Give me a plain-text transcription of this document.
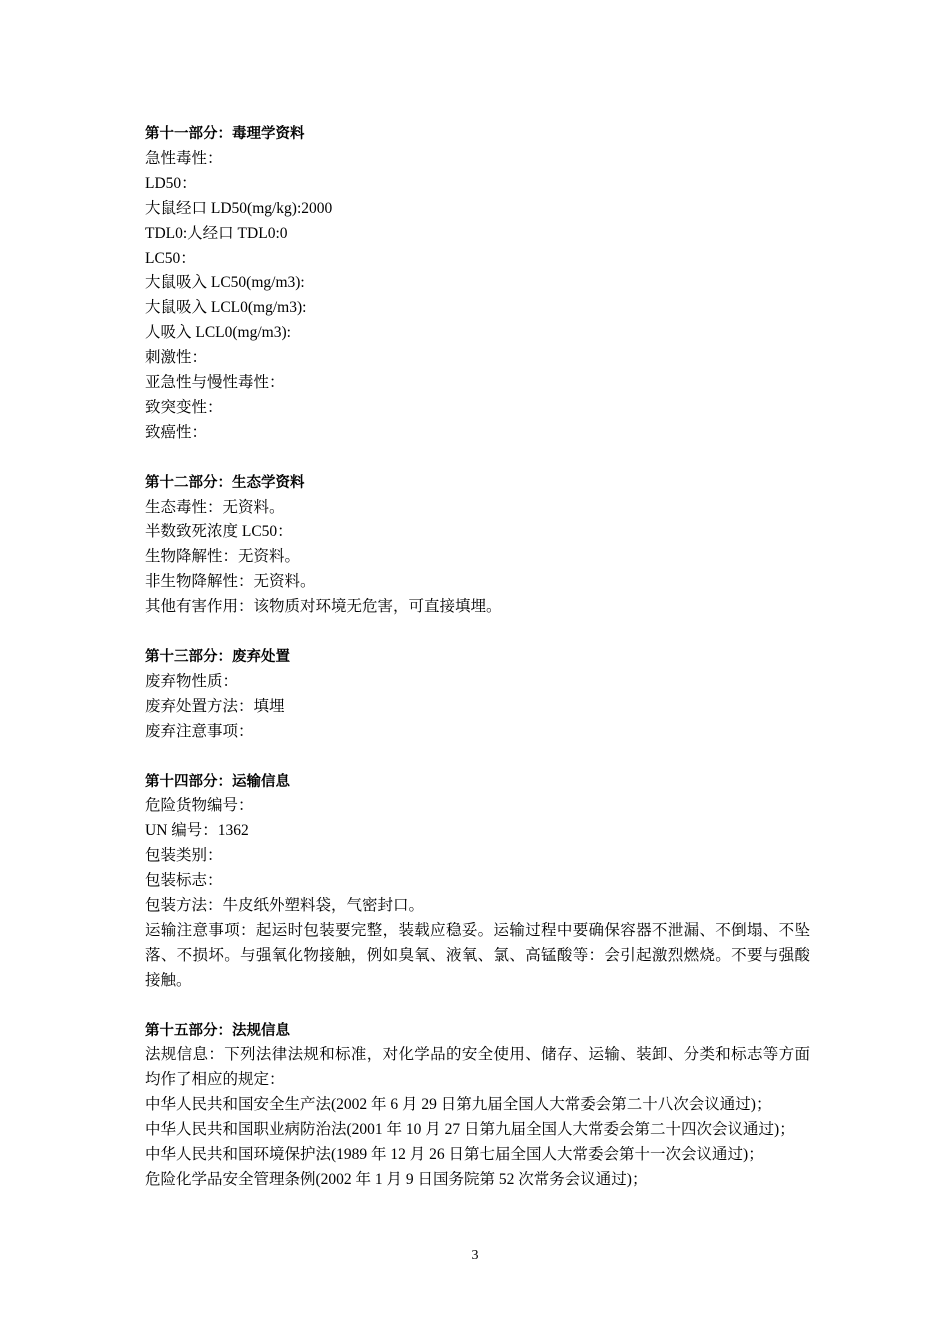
第十一部分：毒理学资料
急性毒性：
LD50：
大鼠经口 LD50(mg/kg):2000
TDL0:人经口 TDL0:0
LC50：
大鼠吸入 LC50(mg/m3):
大鼠吸入 LCL0(mg/m3):
人吸入 LCL0(mg/m3):
刺激性：
亚急性与慢性毒性：
致突变性：
致癌性：
第十二部分：生态学资料
生态毒性：无资料。
半数致死浓度 LC50：
生物降解性：无资料。
非生物降解性：无资料。
其他有害作用：该物质对环境无危害，可直接填埋。
第十三部分：废弃处置
废弃物性质：
废弃处置方法：填埋
废弃注意事项：
第十四部分：运输信息
危险货物编号：
UN 编号：1362
包装类别：
包装标志：
包装方法：牛皮纸外塑料袋，气密封口。
运输注意事项：起运时包装要完整，装载应稳妥。运输过程中要确保容器不泄漏、不倒塌、不坠落、不损坏。与强氧化物接触，例如臭氧、液氧、氯、高锰酸等：会引起激烈燃烧。不要与强酸接触。
第十五部分：法规信息
法规信息：下列法律法规和标准，对化学品的安全使用、储存、运输、装卸、分类和标志等方面均作了相应的规定：
中华人民共和国安全生产法(2002 年 6 月 29 日第九届全国人大常委会第二十八次会议通过)；
中华人民共和国职业病防治法(2001 年 10 月 27 日第九届全国人大常委会第二十四次会议通过)；
中华人民共和国环境保护法(1989 年 12 月 26 日第七届全国人大常委会第十一次会议通过)；
危险化学品安全管理条例(2002 年 1 月 9 日国务院第 52 次常务会议通过)；
3
